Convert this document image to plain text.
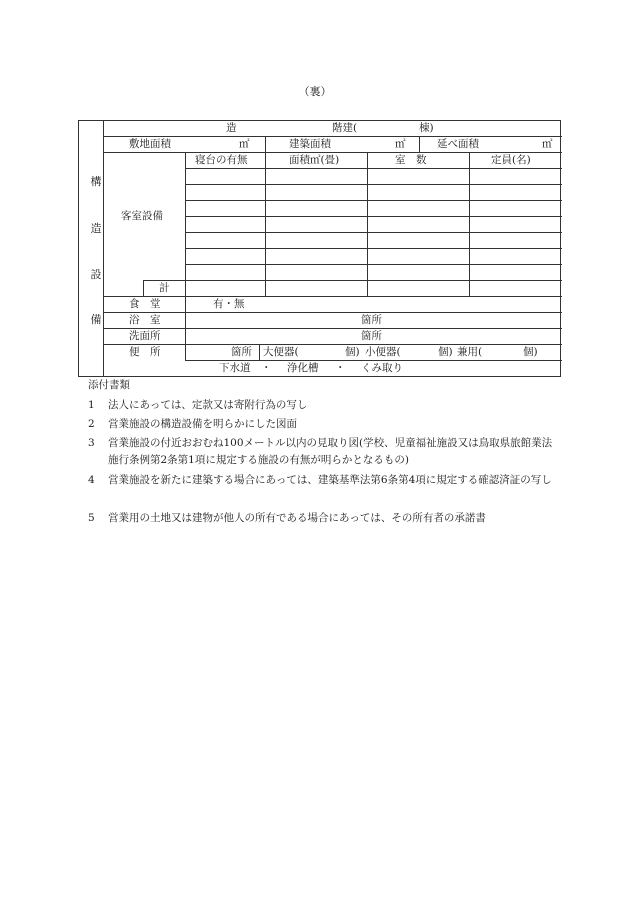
（裏）
構
造
設
備
造	階建(	棟)
敷地面積	㎡	建築面積	㎡	延べ面積	㎡
寝台の有無	面積㎡(畳)	室　数	定員(名)
客室設備
計
食　堂	有・無
浴　室	箇所
洗面所	箇所
便　所	箇所 大便器(	個) 小便器(	個) 兼用(	個)
下水道 ・ 浄化槽 ・ くみ取り
添付書類
1 法人にあっては、定款又は寄附行為の写し
2 営業施設の構造設備を明らかにした図面
3 営業施設の付近おおむね100メートル以内の見取り図(学校、児童福祉施設又は鳥取県旅館業法施行条例第2条第1項に規定する施設の有無が明らかとなるもの)
4 営業施設を新たに建築する場合にあっては、建築基準法第6条第4項に規定する確認済証の写し
5 営業用の土地又は建物が他人の所有である場合にあっては、その所有者の承諾書
